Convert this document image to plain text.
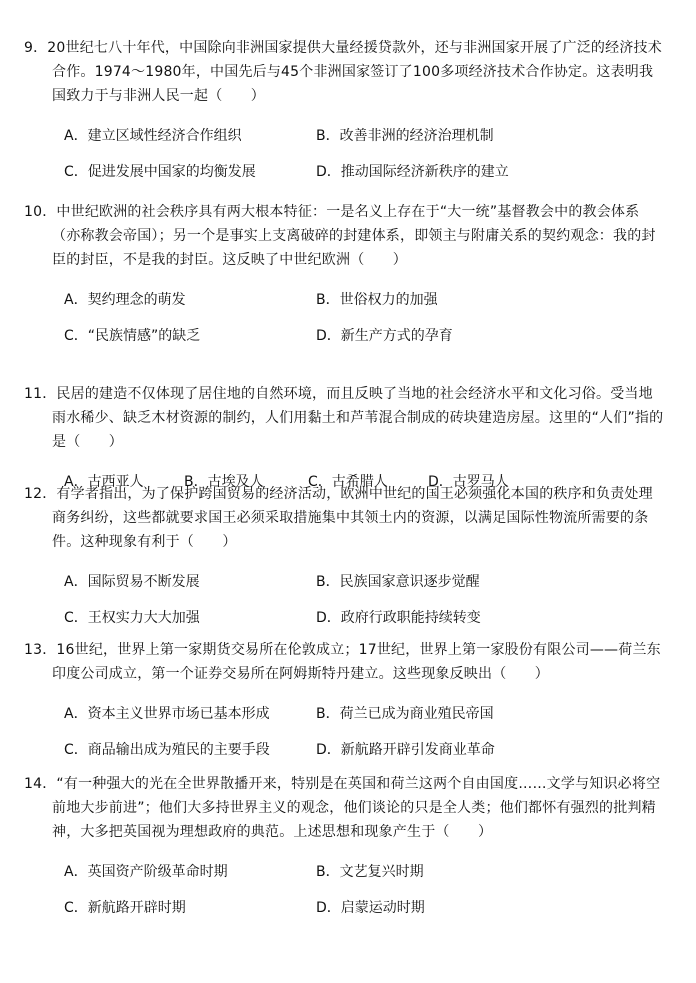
9．20世纪七八十年代，中国除向非洲国家提供大量经援贷款外，还与非洲国家开展了广泛的经济技术合作。1974～1980年，中国先后与45个非洲国家签订了100多项经济技术合作协定。这表明我国致力于与非洲人民一起（　　）

A．建立区域性经济合作组织	B．改善非洲的经济治理机制
C．促进发展中国家的均衡发展	D．推动国际经济新秩序的建立

10．中世纪欧洲的社会秩序具有两大根本特征：一是名义上存在于“大一统”基督教会中的教会体系（亦称教会帝国）；另一个是事实上支离破碎的封建体系，即领主与附庸关系的契约观念：我的封臣的封臣，不是我的封臣。这反映了中世纪欧洲（　　）

A．契约理念的萌发	B．世俗权力的加强
C．“民族情感”的缺乏	D．新生产方式的孕育

11．民居的建造不仅体现了居住地的自然环境，而且反映了当地的社会经济水平和文化习俗。受当地雨水稀少、缺乏木材资源的制约，人们用黏土和芦苇混合制成的砖块建造房屋。这里的“人们”指的是（　　）

A．古西亚人	B．古埃及人	C．古希腊人	D．古罗马人

12．有学者指出，为了保护跨国贸易的经济活动，欧洲中世纪的国王必须强化本国的秩序和负责处理商务纠纷，这些都就要求国王必须采取措施集中其领土内的资源，以满足国际性物流所需要的条件。这种现象有利于（　　）

A．国际贸易不断发展	B．民族国家意识逐步觉醒
C．王权实力大大加强	D．政府行政职能持续转变

13．16世纪，世界上第一家期货交易所在伦敦成立；17世纪，世界上第一家股份有限公司——荷兰东印度公司成立，第一个证券交易所在阿姆斯特丹建立。这些现象反映出（　　）

A．资本主义世界市场已基本形成	B．荷兰已成为商业殖民帝国
C．商品输出成为殖民的主要手段	D．新航路开辟引发商业革命

14．“有一种强大的光在全世界散播开来，特别是在英国和荷兰这两个自由国度……文学与知识必将空前地大步前进”；他们大多持世界主义的观念，他们谈论的只是全人类；他们都怀有强烈的批判精神，大多把英国视为理想政府的典范。上述思想和现象产生于（　　）

A．英国资产阶级革命时期	B．文艺复兴时期
C．新航路开辟时期	D．启蒙运动时期
